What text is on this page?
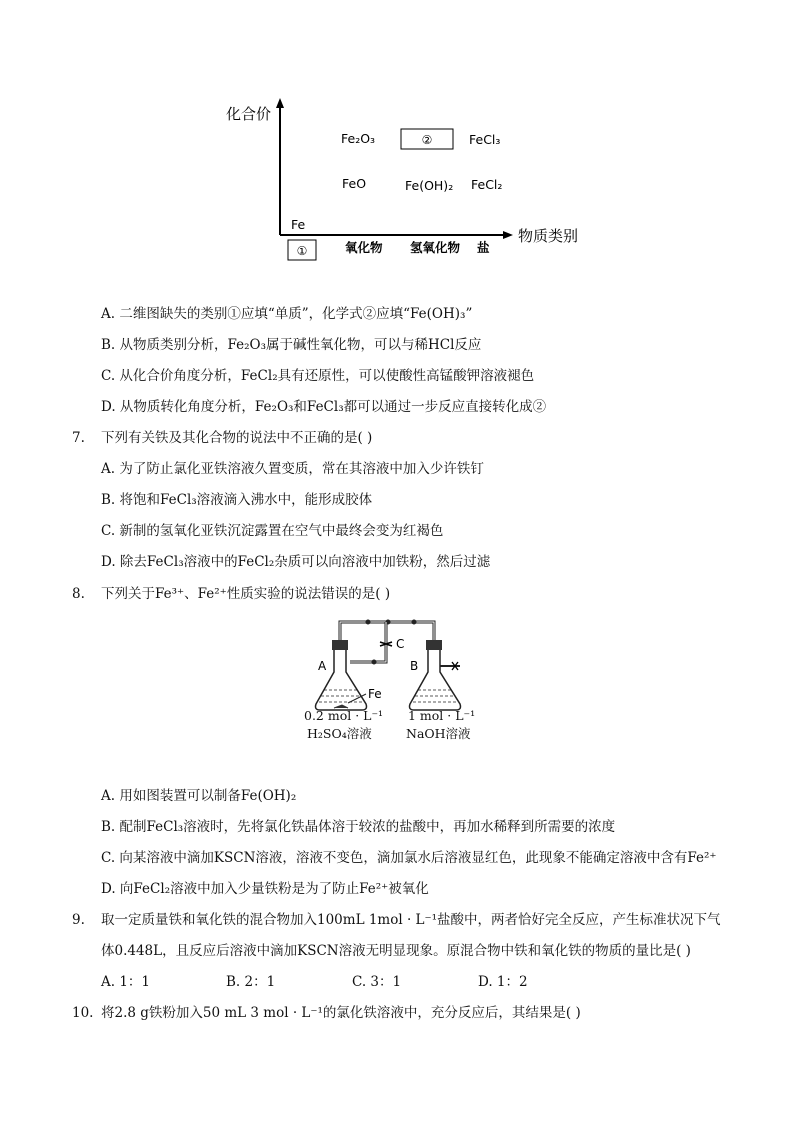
化合价
物质类别
①	氧化物 氢氧化物 盐
Fe₂O₃	②	FeCl₃
FeO	Fe(OH)₂ FeCl₂
Fe
A. 二维图缺失的类别①应填“单质”，化学式②应填“Fe(OH)₃”
B. 从物质类别分析，Fe₂O₃属于碱性氧化物，可以与稀HCl反应
C. 从化合价角度分析，FeCl₂具有还原性，可以使酸性高锰酸钾溶液褪色
D. 从物质转化角度分析，Fe₂O₃和FeCl₃都可以通过一步反应直接转化成②
7. 下列有关铁及其化合物的说法中不正确的是( )
A. 为了防止氯化亚铁溶液久置变质，常在其溶液中加入少许铁钉
B. 将饱和FeCl₃溶液滴入沸水中，能形成胶体
C. 新制的氢氧化亚铁沉淀露置在空气中最终会变为红褐色
D. 除去FeCl₃溶液中的FeCl₂杂质可以向溶液中加铁粉，然后过滤
8. 下列关于Fe³⁺、Fe²⁺性质实验的说法错误的是( )
C
A
Fe
B
0.2 mol · L⁻¹
H₂SO₄溶液
1 mol · L⁻¹
NaOH溶液
A. 用如图装置可以制备Fe(OH)₂
B. 配制FeCl₃溶液时，先将氯化铁晶体溶于较浓的盐酸中，再加水稀释到所需要的浓度
C. 向某溶液中滴加KSCN溶液，溶液不变色，滴加氯水后溶液显红色，此现象不能确定溶液中含有Fe²⁺
D. 向FeCl₂溶液中加入少量铁粉是为了防止Fe²⁺被氧化
9. 取一定质量铁和氧化铁的混合物加入100mL 1mol · L⁻¹盐酸中，两者恰好完全反应，产生标准状况下气
体0.448L，且反应后溶液中滴加KSCN溶液无明显现象。原混合物中铁和氧化铁的物质的量比是( )
A. 1：1	B. 2：1	C. 3：1	D. 1：2
10. 将2.8 g铁粉加入50 mL 3 mol · L⁻¹的氯化铁溶液中，充分反应后，其结果是( )
